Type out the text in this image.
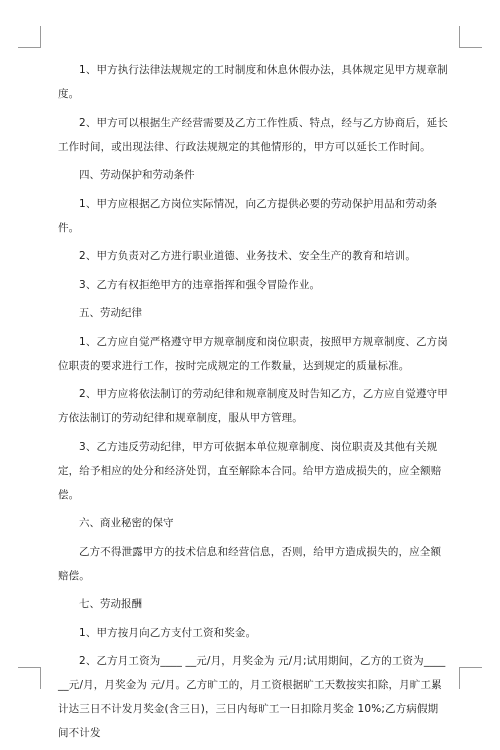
1、甲方执行法律法规规定的工时制度和休息休假办法，具体规定见甲方规章制度。

2、甲方可以根据生产经营需要及乙方工作性质、特点，经与乙方协商后，延长工作时间，或出现法律、行政法规规定的其他情形的，甲方可以延长工作时间。

四、劳动保护和劳动条件

1、甲方应根据乙方岗位实际情况，向乙方提供必要的劳动保护用品和劳动条件。

2、甲方负责对乙方进行职业道德、业务技术、安全生产的教育和培训。

3、乙方有权拒绝甲方的违章指挥和强令冒险作业。

五、劳动纪律

1、乙方应自觉严格遵守甲方规章制度和岗位职责，按照甲方规章制度、乙方岗位职责的要求进行工作，按时完成规定的工作数量，达到规定的质量标准。

2、甲方应将依法制订的劳动纪律和规章制度及时告知乙方，乙方应自觉遵守甲方依法制订的劳动纪律和规章制度，服从甲方管理。

3、乙方违反劳动纪律，甲方可依据本单位规章制度、岗位职责及其他有关规定，给予相应的处分和经济处罚，直至解除本合同。给甲方造成损失的，应全额赔偿。

六、商业秘密的保守

乙方不得泄露甲方的技术信息和经营信息，否则，给甲方造成损失的，应全额赔偿。

七、劳动报酬

1、甲方按月向乙方支付工资和奖金。

2、乙方月工资为____ __元/月，月奖金为 元/月;试用期间，乙方的工资为____ __元/月，月奖金为 元/月。乙方旷工的，月工资根据旷工天数按实扣除，月旷工累计达三日不计发月奖金(含三日)，三日内每旷工一日扣除月奖金 10%;乙方病假期间不计发
